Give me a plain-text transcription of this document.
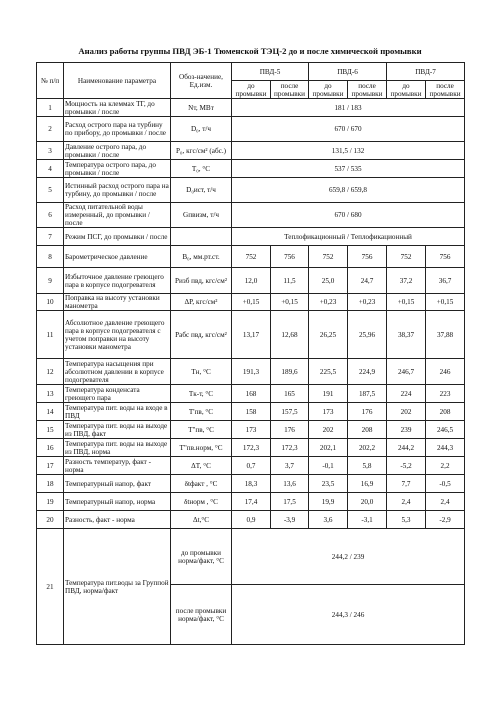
Анализ работы группы ПВД ЭБ-1 Тюменской ТЭЦ-2 до и после химической промывки
№ п/п	Наименование параметра	Обоз-начение, Ед.изм.	ПВД-5		ПВД-6		ПВД-7	
			до промывки	после промывки	до промывки	после промывки	до промывки	после промывки
1	Мощность на клеммах ТГ, до промывки / после	Nт, МВт	181 / 183					
2	Расход острого пара на турбину по прибору, до промывки / после	D₀, т/ч	670 / 670					
3	Давление острого пара, до промывки / после	P₀, кгс/см² (абс.)	131,5 / 132					
4	Температура острого пара, до промывки / после	T₀, °С	537 / 535					
5	Истинный расход острого пара на турбину, до промывки / после	D₀ист, т/ч	659,8 / 659,8					
6	Расход питательной воды измеренный, до промывки / после	Gпвизм, т/ч	670 / 680					
7	Режим ПСГ, до промывки / после		Теплофикационный / Теплофикационный					
8	Барометрическое давление	B₀, мм.рт.ст.	752	756	752	756	752	756
9	Избыточное давление греющего пара в корпусе подогревателя	Pизб пвд, кгс/см²	12,0	11,5	25,0	24,7	37,2	36,7
10	Поправка на высоту установки манометра	ΔP, кгс/см²	+0,15	+0,15	+0,23	+0,23	+0,15	+0,15
11	Абсолютное давление греющего пара в корпусе подогревателя с учетом поправки на высоту установки манометра	Pабс пвд, кгс/см²	13,17	12,68	26,25	25,96	38,37	37,88
12	Температура насыщения при абсолютном давлении в корпусе подогревателя	Tн, °С	191,3	189,6	225,5	224,9	246,7	246
13	Температура конденсата греющего пара	Tк-т, °С	168	165	191	187,5	224	223
14	Температура пит. воды на входе в ПВД	T'пв, °С	158	157,5	173	176	202	208
15	Температура пит. воды на выходе из ПВД, факт	T"пв, °С	173	176	202	208	239	246,5
16	Температура пит. воды на выходе из ПВД, норма	T"пв.норм, °С	172,3	172,3	202,1	202,2	244,2	244,3
17	Разность температур, факт - норма	ΔT, °С	0,7	3,7	-0,1	5,8	-5,2	2,2
18	Температурный напор, факт	δtфакт , °С	18,3	13,6	23,5	16,9	7,7	-0,5
19	Температурный напор, норма	δtнорм , °С	17,4	17,5	19,9	20,0	2,4	2,4
20	Разность, факт - норма	Δt,°С	0,9	-3,9	3,6	-3,1	5,3	-2,9
21	Температура пит.воды за Группой ПВД, норма/факт	до промывки норма/факт, °С	244,2 / 239					
		после промывки норма/факт, °С	244,3 / 246					
